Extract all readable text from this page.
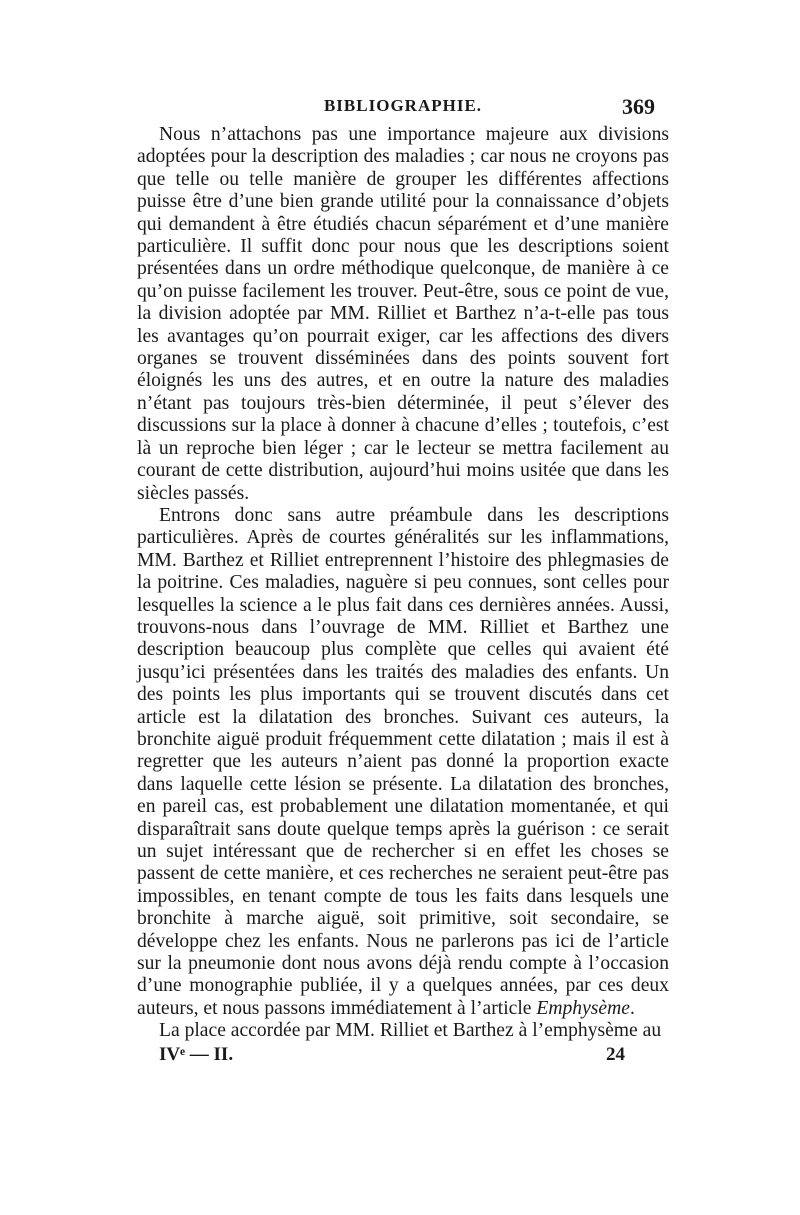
BIBLIOGRAPHIE.	369

Nous n’attachons pas une importance majeure aux divisions adoptées pour la description des maladies ; car nous ne croyons pas que telle ou telle manière de grouper les différentes affections puisse être d’une bien grande utilité pour la connaissance d’objets qui demandent à être étudiés chacun séparément et d’une manière particulière. Il suffit donc pour nous que les descriptions soient présentées dans un ordre méthodique quelconque, de manière à ce qu’on puisse facilement les trouver. Peut-être, sous ce point de vue, la division adoptée par MM. Rilliet et Barthez n’a-t-elle pas tous les avantages qu’on pourrait exiger, car les affections des divers organes se trouvent disséminées dans des points souvent fort éloignés les uns des autres, et en outre la nature des maladies n’étant pas toujours très-bien déterminée, il peut s’élever des discussions sur la place à donner à chacune d’elles ; toutefois, c’est là un reproche bien léger ; car le lecteur se mettra facilement au courant de cette distribution, aujourd’hui moins usitée que dans les siècles passés.

Entrons donc sans autre préambule dans les descriptions particulières. Après de courtes généralités sur les inflammations, MM. Barthez et Rilliet entreprennent l’histoire des phlegmasies de la poitrine. Ces maladies, naguère si peu connues, sont celles pour lesquelles la science a le plus fait dans ces dernières années. Aussi, trouvons-nous dans l’ouvrage de MM. Rilliet et Barthez une description beaucoup plus complète que celles qui avaient été jusqu’ici présentées dans les traités des maladies des enfants. Un des points les plus importants qui se trouvent discutés dans cet article est la dilatation des bronches. Suivant ces auteurs, la bronchite aiguë produit fréquemment cette dilatation ; mais il est à regretter que les auteurs n’aient pas donné la proportion exacte dans laquelle cette lésion se présente. La dilatation des bronches, en pareil cas, est probablement une dilatation momentanée, et qui disparaîtrait sans doute quelque temps après la guérison : ce serait un sujet intéressant que de rechercher si en effet les choses se passent de cette manière, et ces recherches ne seraient peut-être pas impossibles, en tenant compte de tous les faits dans lesquels une bronchite à marche aiguë, soit primitive, soit secondaire, se développe chez les enfants. Nous ne parlerons pas ici de l’article sur la pneumonie dont nous avons déjà rendu compte à l’occasion d’une monographie publiée, il y a quelques années, par ces deux auteurs, et nous passons immédiatement à l’article Emphysème.

La place accordée par MM. Rilliet et Barthez à l’emphysème au

IVᵉ — II.	24
